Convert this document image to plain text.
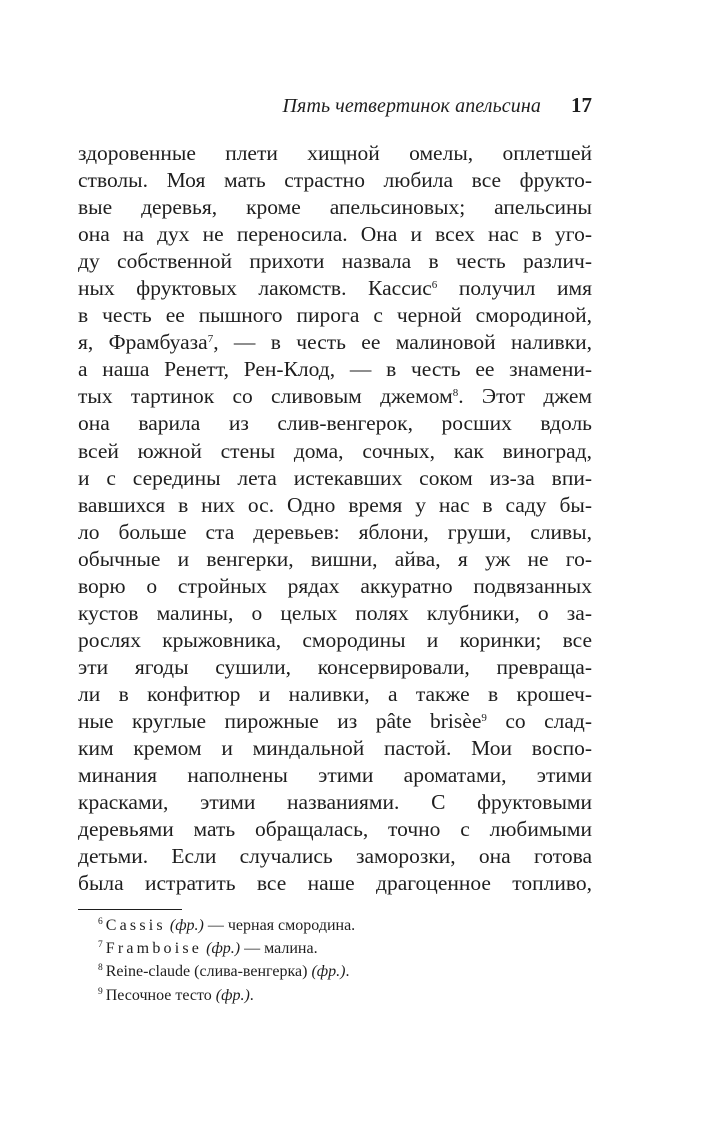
Пять четвертинок апельсина 17
здоровенные плети хищной омелы, оплетшей
стволы. Моя мать страстно любила все фрукто-
вые деревья, кроме апельсиновых; апельсины
она на дух не переносила. Она и всех нас в уго-
ду собственной прихоти назвала в честь различ-
ных фруктовых лакомств. Кассис$^6$ получил имя
в честь ее пышного пирога с черной смородиной,
я, Фрамбуаза$^7$, — в честь ее малиновой наливки,
а наша Ренетт, Рен-Клод, — в честь ее знамени-
тых тартинок со сливовым джемом$^8$. Этот джем
она варила из слив-венгерок, росших вдоль
всей южной стены дома, сочных, как виноград,
и с середины лета истекавших соком из-за впи-
вавшихся в них ос. Одно время у нас в саду бы-
ло больше ста деревьев: яблони, груши, сливы,
обычные и венгерки, вишни, айва, я уж не го-
ворю о стройных рядах аккуратно подвязанных
кустов малины, о целых полях клубники, о за-
рослях крыжовника, смородины и коринки; все
эти ягоды сушили, консервировали, превраща-
ли в конфитюр и наливки, а также в крошеч-
ные круглые пирожные из pâte brisèe$^9$ со слад-
ким кремом и миндальной пастой. Мои воспо-
минания наполнены этими ароматами, этими
красками, этими названиями. С фруктовыми
деревьями мать обращалась, точно с любимыми
детьми. Если случались заморозки, она готова
была истратить все наше драгоценное топливо,
$^6$ Cassis (фр.) — черная смородина.
$^7$ Framboise (фр.) — малина.
$^8$ Reine-claude (слива-венгерка) (фр.).
$^9$ Песочное тесто (фр.).
